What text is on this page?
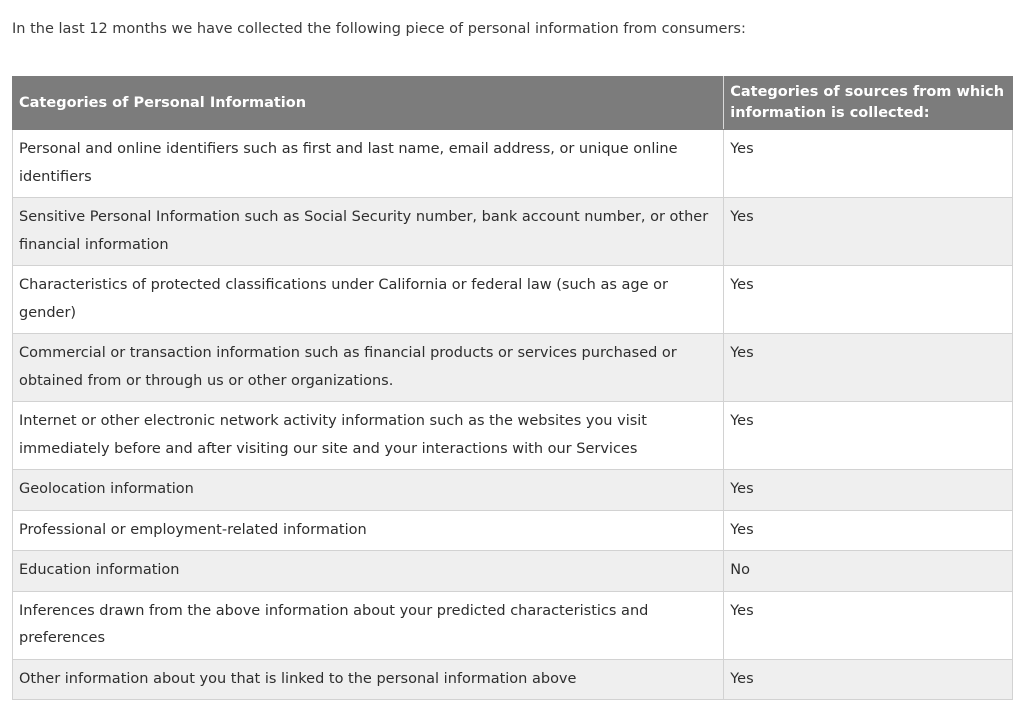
In the last 12 months we have collected the following piece of personal information from consumers:

Categories of Personal Information	Categories of sources from which information is collected:
Personal and online identifiers such as first and last name, email address, or unique online identifiers	Yes
Sensitive Personal Information such as Social Security number, bank account number, or other financial information	Yes
Characteristics of protected classifications under California or federal law (such as age or gender)	Yes
Commercial or transaction information such as financial products or services purchased or obtained from or through us or other organizations.	Yes
Internet or other electronic network activity information such as the websites you visit immediately before and after visiting our site and your interactions with our Services	Yes
Geolocation information	Yes
Professional or employment-related information	Yes
Education information	No
Inferences drawn from the above information about your predicted characteristics and preferences	Yes
Other information about you that is linked to the personal information above	Yes
